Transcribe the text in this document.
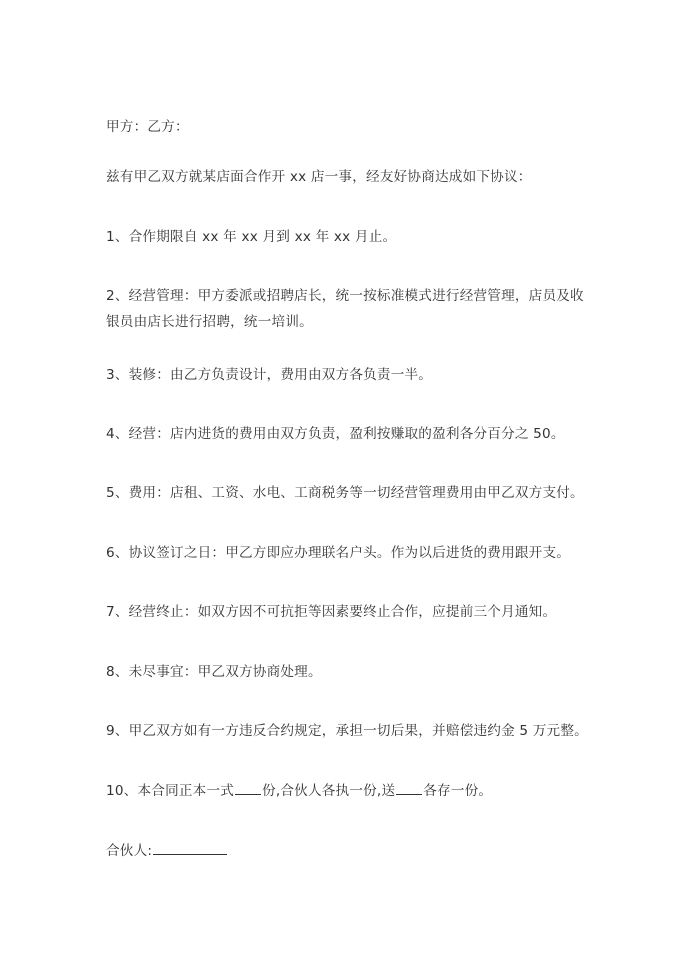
甲方：乙方：
兹有甲乙双方就某店面合作开 xx 店一事，经友好协商达成如下协议：
1、合作期限自 xx 年 xx 月到 xx 年 xx 月止。
2、经营管理：甲方委派或招聘店长，统一按标准模式进行经营管理，店员及收
银员由店长进行招聘，统一培训。
3、装修：由乙方负责设计，费用由双方各负责一半。
4、经营：店内进货的费用由双方负责，盈利按赚取的盈利各分百分之 50。
5、费用：店租、工资、水电、工商税务等一切经营管理费用由甲乙双方支付。
6、协议签订之日：甲乙方即应办理联名户头。作为以后进货的费用跟开支。
7、经营终止：如双方因不可抗拒等因素要终止合作，应提前三个月通知。
8、未尽事宜：甲乙双方协商处理。
9、甲乙双方如有一方违反合约规定，承担一切后果，并赔偿违约金 5 万元整。
10、本合同正本一式 份,合伙人各执一份,送 各存一份。
合伙人:
